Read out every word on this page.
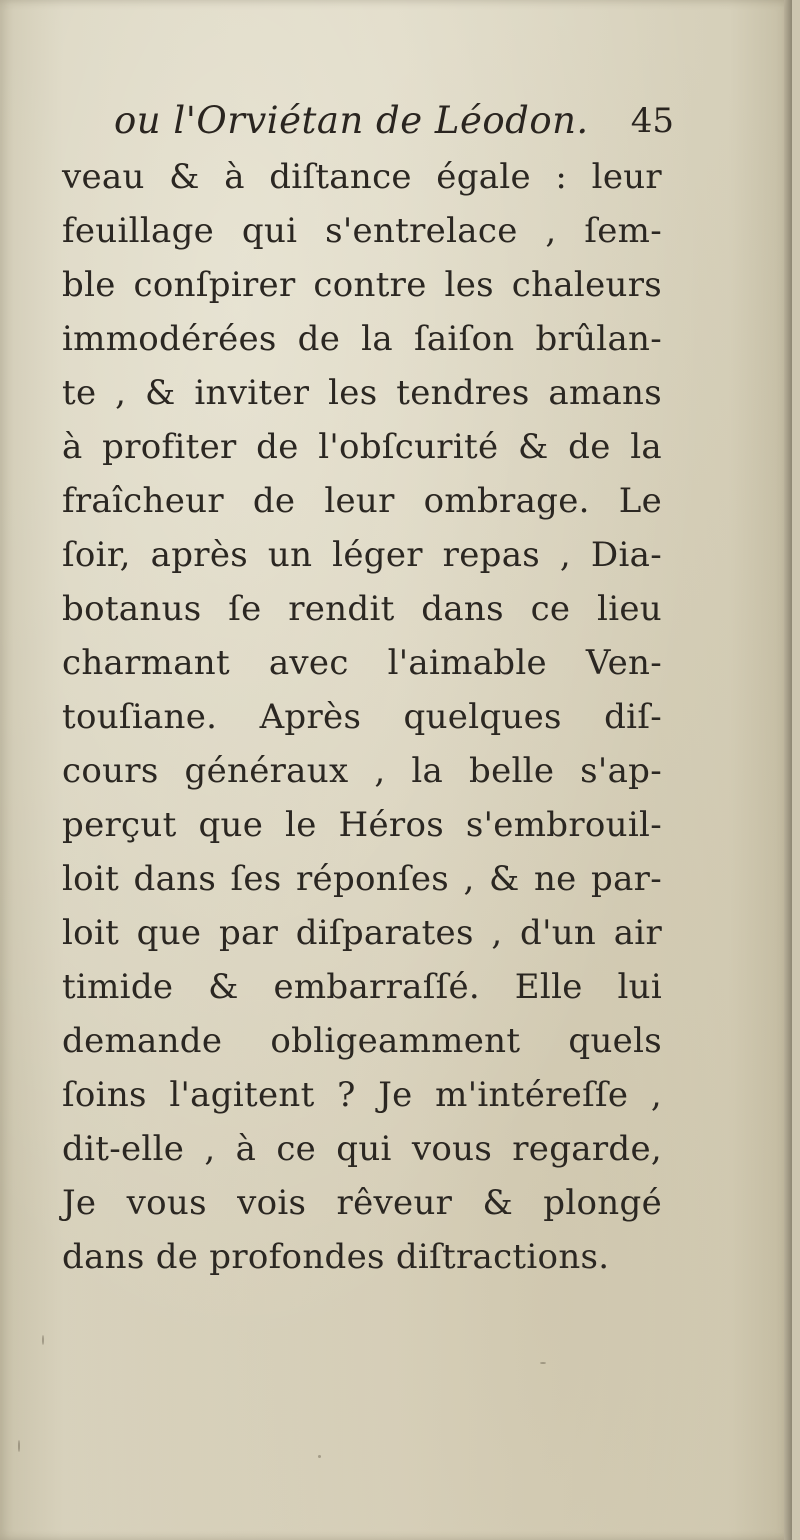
ou l'Orviétan de Léodon. 45
veau & à diſtance égale : leur
feuillage qui s'entrelace , ſem-
ble conſpirer contre les chaleurs
immodérées de la ſaiſon brûlan-
te , & inviter les tendres amans
à profiter de l'obſcurité & de la
fraîcheur de leur ombrage. Le
ſoir, après un léger repas , Dia-
botanus ſe rendit dans ce lieu
charmant avec l'aimable Ven-
touſiane. Après quelques diſ-
cours généraux , la belle s'ap-
perçut que le Héros s'embrouil-
loit dans ſes réponſes , & ne par-
loit que par diſparates , d'un air
timide & embarraſſé. Elle lui
demande obligeamment quels
ſoins l'agitent ? Je m'intéreſſe ,
dit-elle , à ce qui vous regarde,
Je vous vois rêveur & plongé
dans de profondes diſtractions.
